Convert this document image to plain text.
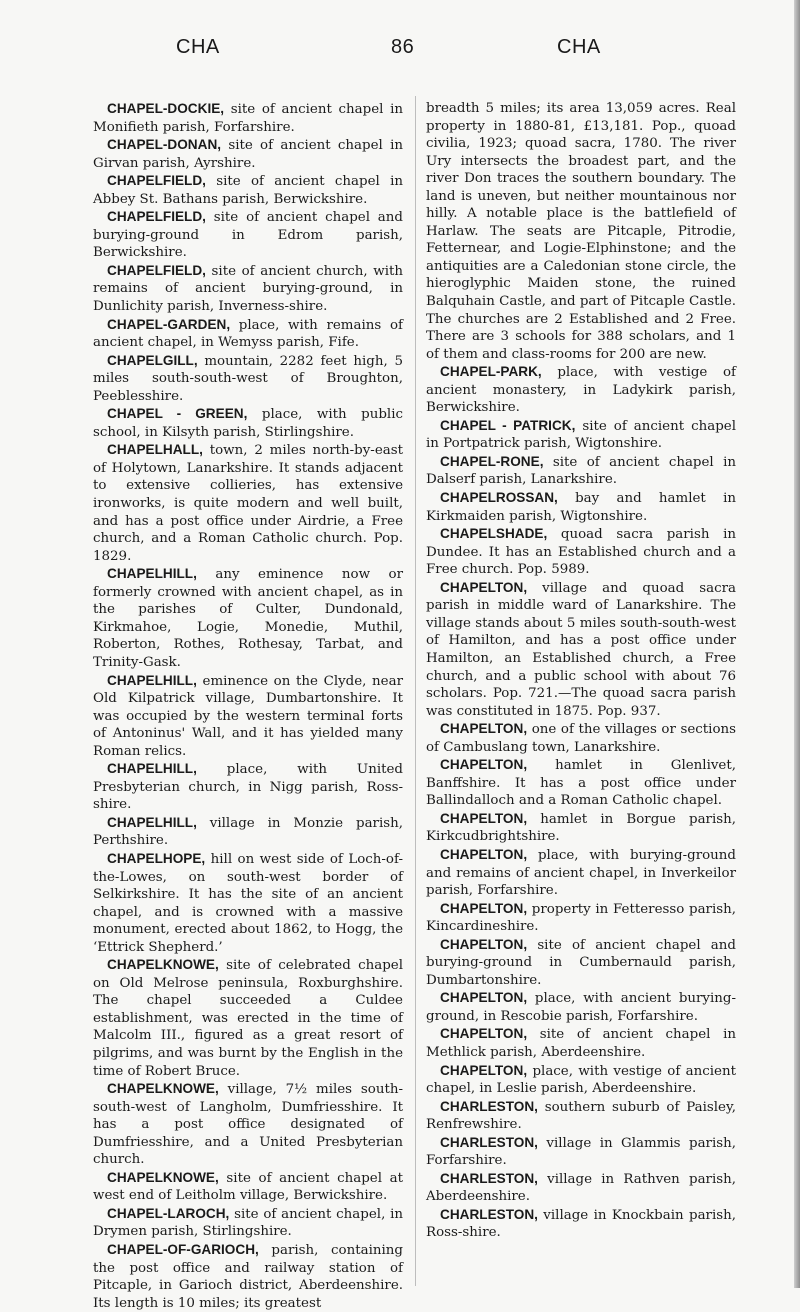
CHA	86	CHA

CHAPEL-DOCKIE, site of ancient chapel in Monifieth parish, Forfarshire.

CHAPEL-DONAN, site of ancient chapel in Girvan parish, Ayrshire.

CHAPELFIELD, site of ancient chapel in Abbey St. Bathans parish, Berwickshire.

CHAPELFIELD, site of ancient chapel and burying-ground in Edrom parish, Berwickshire.

CHAPELFIELD, site of ancient church, with remains of ancient burying-ground, in Dunlichity parish, Inverness-shire.

CHAPEL-GARDEN, place, with remains of ancient chapel, in Wemyss parish, Fife.

CHAPELGILL, mountain, 2282 feet high, 5 miles south-south-west of Broughton, Peeblesshire.

CHAPEL - GREEN, place, with public school, in Kilsyth parish, Stirlingshire.

CHAPELHALL, town, 2 miles north-by-east of Holytown, Lanarkshire. It stands adjacent to extensive collieries, has extensive ironworks, is quite modern and well built, and has a post office under Airdrie, a Free church, and a Roman Catholic church. Pop. 1829.

CHAPELHILL, any eminence now or formerly crowned with ancient chapel, as in the parishes of Culter, Dundonald, Kirkmahoe, Logie, Monedie, Muthil, Roberton, Rothes, Rothesay, Tarbat, and Trinity-Gask.

CHAPELHILL, eminence on the Clyde, near Old Kilpatrick village, Dumbartonshire. It was occupied by the western terminal forts of Antoninus' Wall, and it has yielded many Roman relics.

CHAPELHILL, place, with United Presbyterian church, in Nigg parish, Ross-shire.

CHAPELHILL, village in Monzie parish, Perthshire.

CHAPELHOPE, hill on west side of Loch-of-the-Lowes, on south-west border of Selkirkshire. It has the site of an ancient chapel, and is crowned with a massive monument, erected about 1862, to Hogg, the ‘Ettrick Shepherd.’

CHAPELKNOWE, site of celebrated chapel on Old Melrose peninsula, Roxburghshire. The chapel succeeded a Culdee establishment, was erected in the time of Malcolm III., figured as a great resort of pilgrims, and was burnt by the English in the time of Robert Bruce.

CHAPELKNOWE, village, 7½ miles south-south-west of Langholm, Dumfriesshire. It has a post office designated of Dumfriesshire, and a United Presbyterian church.

CHAPELKNOWE, site of ancient chapel at west end of Leitholm village, Berwickshire.

CHAPEL-LAROCH, site of ancient chapel, in Drymen parish, Stirlingshire.

CHAPEL-OF-GARIOCH, parish, containing the post office and railway station of Pitcaple, in Garioch district, Aberdeenshire. Its length is 10 miles; its greatest

breadth 5 miles; its area 13,059 acres. Real property in 1880-81, £13,181. Pop., quoad civilia, 1923; quoad sacra, 1780. The river Ury intersects the broadest part, and the river Don traces the southern boundary. The land is uneven, but neither mountainous nor hilly. A notable place is the battlefield of Harlaw. The seats are Pitcaple, Pitrodie, Fetternear, and Logie-Elphinstone; and the antiquities are a Caledonian stone circle, the hieroglyphic Maiden stone, the ruined Balquhain Castle, and part of Pitcaple Castle. The churches are 2 Established and 2 Free. There are 3 schools for 388 scholars, and 1 of them and class-rooms for 200 are new.

CHAPEL-PARK, place, with vestige of ancient monastery, in Ladykirk parish, Berwickshire.

CHAPEL - PATRICK, site of ancient chapel in Portpatrick parish, Wigtonshire.

CHAPEL-RONE, site of ancient chapel in Dalserf parish, Lanarkshire.

CHAPELROSSAN, bay and hamlet in Kirkmaiden parish, Wigtonshire.

CHAPELSHADE, quoad sacra parish in Dundee. It has an Established church and a Free church. Pop. 5989.

CHAPELTON, village and quoad sacra parish in middle ward of Lanarkshire. The village stands about 5 miles south-south-west of Hamilton, and has a post office under Hamilton, an Established church, a Free church, and a public school with about 76 scholars. Pop. 721.—The quoad sacra parish was constituted in 1875. Pop. 937.

CHAPELTON, one of the villages or sections of Cambuslang town, Lanarkshire.

CHAPELTON, hamlet in Glenlivet, Banffshire. It has a post office under Ballindalloch and a Roman Catholic chapel.

CHAPELTON, hamlet in Borgue parish, Kirkcudbrightshire.

CHAPELTON, place, with burying-ground and remains of ancient chapel, in Inverkeilor parish, Forfarshire.

CHAPELTON, property in Fetteresso parish, Kincardineshire.

CHAPELTON, site of ancient chapel and burying-ground in Cumbernauld parish, Dumbartonshire.

CHAPELTON, place, with ancient burying-ground, in Rescobie parish, Forfarshire.

CHAPELTON, site of ancient chapel in Methlick parish, Aberdeenshire.

CHAPELTON, place, with vestige of ancient chapel, in Leslie parish, Aberdeenshire.

CHARLESTON, southern suburb of Paisley, Renfrewshire.

CHARLESTON, village in Glammis parish, Forfarshire.

CHARLESTON, village in Rathven parish, Aberdeenshire.

CHARLESTON, village in Knockbain parish, Ross-shire.
